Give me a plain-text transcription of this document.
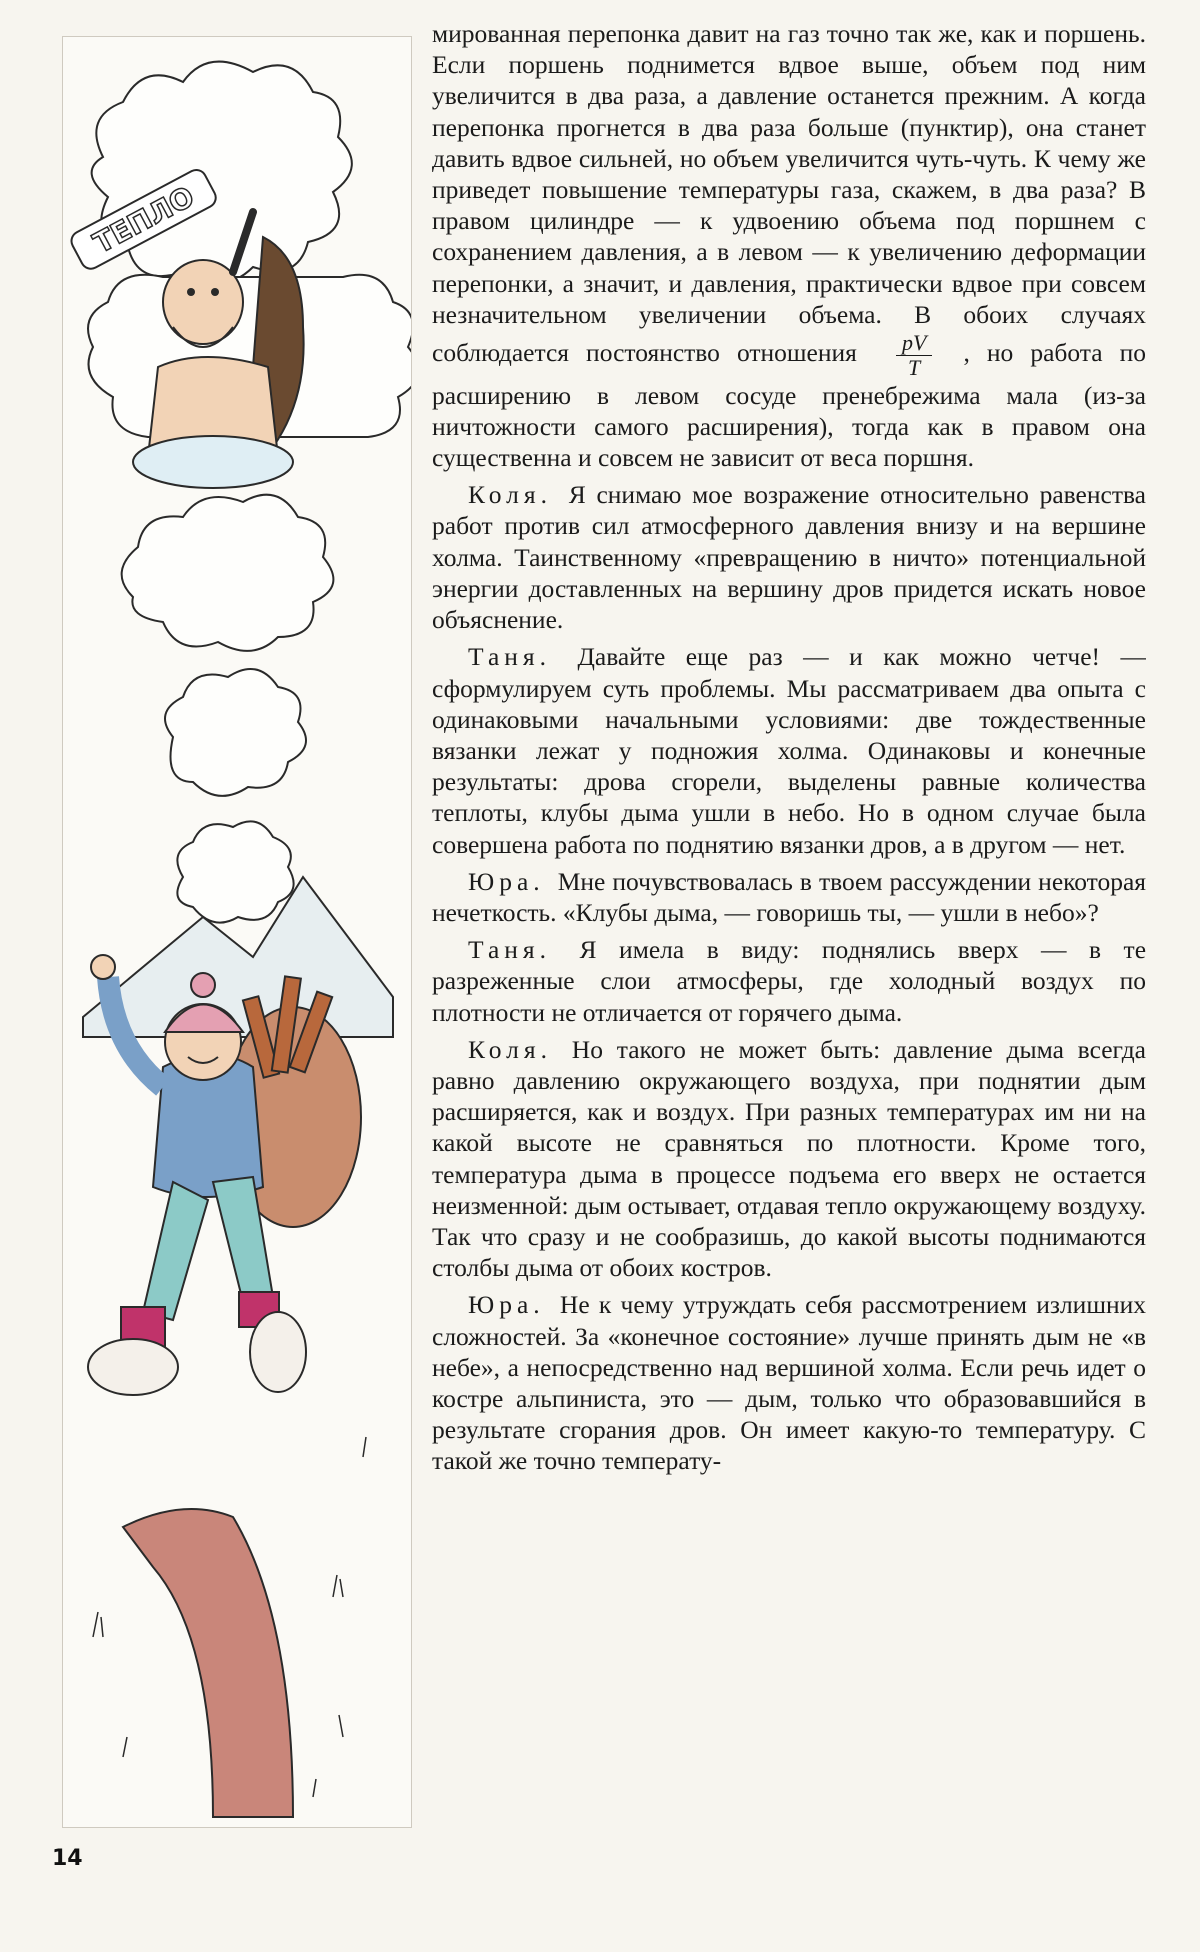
ТЕПЛО

мированная перепонка давит на газ точно так же, как и поршень. Если поршень поднимется вдвое выше, объем под ним увеличится в два раза, а давление останется прежним. А когда перепонка прогнется в два раза больше (пунктир), она станет давить вдвое сильней, но объем увеличится чуть-чуть. К чему же приведет повышение температуры газа, скажем, в два раза? В правом цилиндре — к удвоению объема под поршнем с сохранением давления, а в левом — к увеличению деформации перепонки, а значит, и давления, практически вдвое при совсем незначительном увеличении объема. В обоих случаях соблюдается постоянство отношения $\frac{pV}{T}$ , но работа по расширению в левом сосуде пренебрежима мала (из-за ничтожности самого расширения), тогда как в правом она существенна и совсем не зависит от веса поршня.

Коля. Я снимаю мое возражение относительно равенства работ против сил атмосферного давления внизу и на вершине холма. Таинственному «превращению в ничто» потенциальной энергии доставленных на вершину дров придется искать новое объяснение.

Таня. Давайте еще раз — и как можно четче! — сформулируем суть проблемы. Мы рассматриваем два опыта с одинаковыми начальными условиями: две тождественные вязанки лежат у подножия холма. Одинаковы и конечные результаты: дрова сгорели, выделены равные количества теплоты, клубы дыма ушли в небо. Но в одном случае была совершена работа по поднятию вязанки дров, а в другом — нет.

Юра. Мне почувствовалась в твоем рассуждении некоторая нечеткость. «Клубы дыма, — говоришь ты, — ушли в небо»?

Таня. Я имела в виду: поднялись вверх — в те разреженные слои атмосферы, где холодный воздух по плотности не отличается от горячего дыма.

Коля. Но такого не может быть: давление дыма всегда равно давлению окружающего воздуха, при поднятии дым расширяется, как и воздух. При разных температурах им ни на какой высоте не сравняться по плотности. Кроме того, температура дыма в процессе подъема его вверх не остается неизменной: дым остывает, отдавая тепло окружающему воздуху. Так что сразу и не сообразишь, до какой высоты поднимаются столбы дыма от обоих костров.

Юра. Не к чему утруждать себя рассмотрением излишних сложностей. За «конечное состояние» лучше принять дым не «в небе», а непосредственно над вершиной холма. Если речь идет о костре альпиниста, это — дым, только что образовавшийся в результате сгорания дров. Он имеет какую-то температуру. С такой же точно температу-

14
